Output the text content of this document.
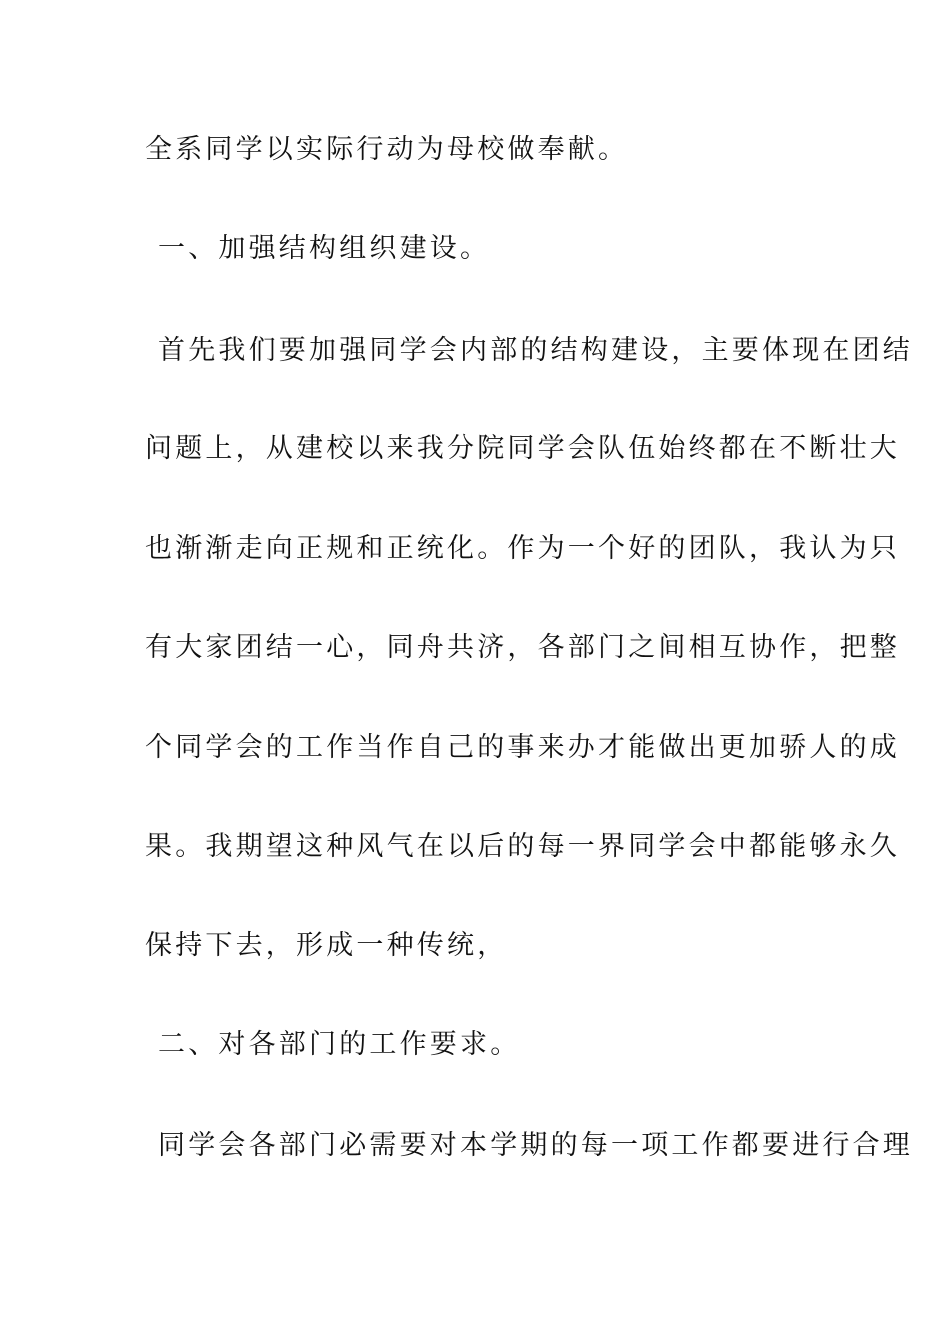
全系同学以实际行动为母校做奉献。
一、加强结构组织建设。
首先我们要加强同学会内部的结构建设，主要体现在团结
问题上，从建校以来我分院同学会队伍始终都在不断壮大
也渐渐走向正规和正统化。作为一个好的团队，我认为只
有大家团结一心，同舟共济，各部门之间相互协作，把整
个同学会的工作当作自己的事来办才能做出更加骄人的成
果。我期望这种风气在以后的每一界同学会中都能够永久
保持下去，形成一种传统，
二、对各部门的工作要求。
同学会各部门必需要对本学期的每一项工作都要进行合理
